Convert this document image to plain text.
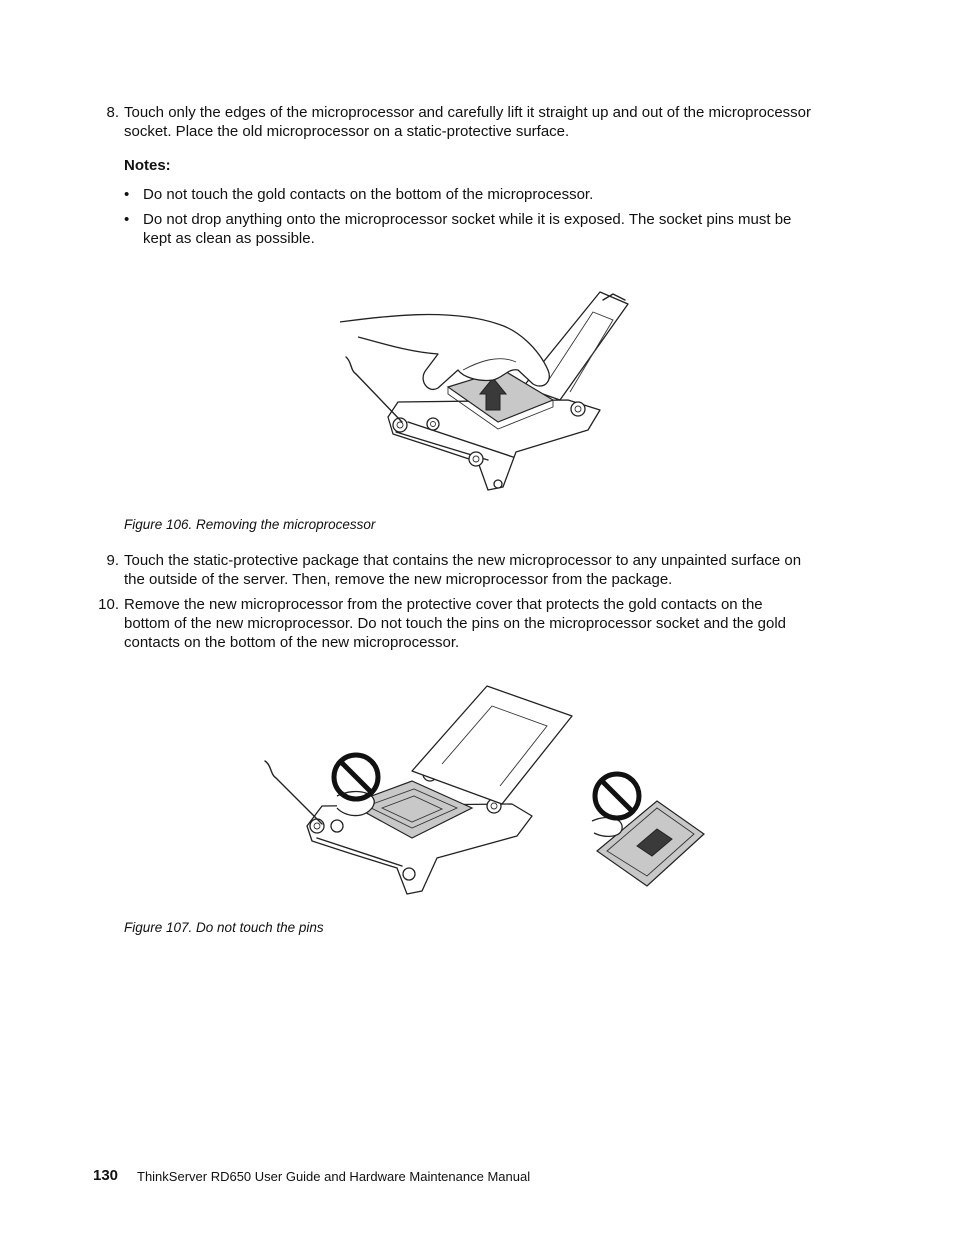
8. Touch only the edges of the microprocessor and carefully lift it straight up and out of the microprocessor
socket. Place the old microprocessor on a static-protective surface.
Notes:
• Do not touch the gold contacts on the bottom of the microprocessor.
• Do not drop anything onto the microprocessor socket while it is exposed. The socket pins must be
kept as clean as possible.
Figure 106. Removing the microprocessor
9. Touch the static-protective package that contains the new microprocessor to any unpainted surface on
the outside of the server. Then, remove the new microprocessor from the package.
10. Remove the new microprocessor from the protective cover that protects the gold contacts on the
bottom of the new microprocessor. Do not touch the pins on the microprocessor socket and the gold
contacts on the bottom of the new microprocessor.
Figure 107. Do not touch the pins
130 ThinkServer RD650 User Guide and Hardware Maintenance Manual
